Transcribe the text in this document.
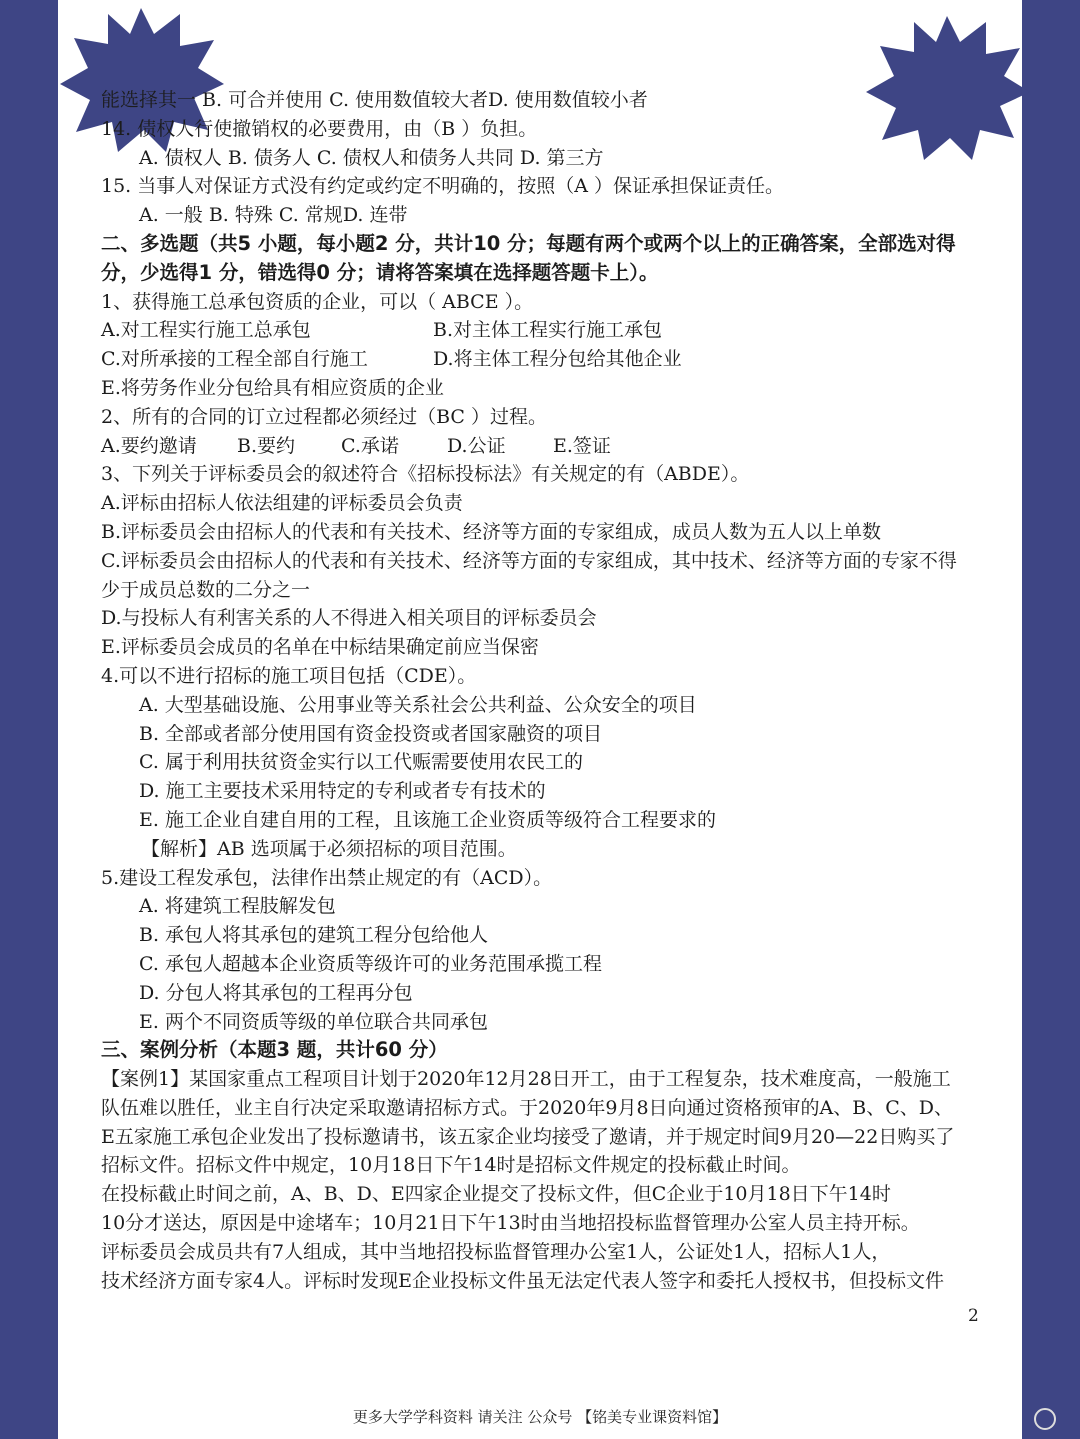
能选择其一 B. 可合并使用 C. 使用数值较大者D. 使用数值较小者
14. 债权人行使撤销权的必要费用，由（B ）负担。
A. 债权人 B. 债务人 C. 债权人和债务人共同 D. 第三方
15. 当事人对保证方式没有约定或约定不明确的，按照（A ）保证承担保证责任。
A. 一般 B. 特殊 C. 常规D. 连带
二、多选题（共5 小题，每小题2 分，共计10 分；每题有两个或两个以上的正确答案，全部选对得
分，少选得1 分，错选得0 分；请将答案填在选择题答题卡上）。
1、获得施工总承包资质的企业，可以（ ABCE ）。
A.对工程实行施工总承包	B.对主体工程实行施工承包
C.对所承接的工程全部自行施工	D.将主体工程分包给其他企业
E.将劳务作业分包给具有相应资质的企业
2、所有的合同的订立过程都必须经过（BC ）过程。
A.要约邀请	B.要约	C.承诺	D.公证	E.签证
3、下列关于评标委员会的叙述符合《招标投标法》有关规定的有（ABDE）。
A.评标由招标人依法组建的评标委员会负责
B.评标委员会由招标人的代表和有关技术、经济等方面的专家组成，成员人数为五人以上单数
C.评标委员会由招标人的代表和有关技术、经济等方面的专家组成，其中技术、经济等方面的专家不得
少于成员总数的二分之一
D.与投标人有利害关系的人不得进入相关项目的评标委员会
E.评标委员会成员的名单在中标结果确定前应当保密
4.可以不进行招标的施工项目包括（CDE）。
A. 大型基础设施、公用事业等关系社会公共利益、公众安全的项目
B. 全部或者部分使用国有资金投资或者国家融资的项目
C. 属于利用扶贫资金实行以工代赈需要使用农民工的
D. 施工主要技术采用特定的专利或者专有技术的
E. 施工企业自建自用的工程，且该施工企业资质等级符合工程要求的
【解析】AB 选项属于必须招标的项目范围。
5.建设工程发承包，法律作出禁止规定的有（ACD）。
A. 将建筑工程肢解发包
B. 承包人将其承包的建筑工程分包给他人
C. 承包人超越本企业资质等级许可的业务范围承揽工程
D. 分包人将其承包的工程再分包
E. 两个不同资质等级的单位联合共同承包
三、案例分析（本题3 题，共计60 分）
【案例1】某国家重点工程项目计划于2020年12月28日开工，由于工程复杂，技术难度高，一般施工
队伍难以胜任，业主自行决定采取邀请招标方式。于2020年9月8日向通过资格预审的A、B、C、D、
E五家施工承包企业发出了投标邀请书，该五家企业均接受了邀请，并于规定时间9月20—22日购买了
招标文件。招标文件中规定，10月18日下午14时是招标文件规定的投标截止时间。
在投标截止时间之前，A、B、D、E四家企业提交了投标文件，但C企业于10月18日下午14时
10分才送达，原因是中途堵车；10月21日下午13时由当地招投标监督管理办公室人员主持开标。
评标委员会成员共有7人组成，其中当地招投标监督管理办公室1人，公证处1人，招标人1人，
技术经济方面专家4人。评标时发现E企业投标文件虽无法定代表人签字和委托人授权书，但投标文件
2
更多大学学科资料 请关注 公众号 【铭美专业课资料馆】
